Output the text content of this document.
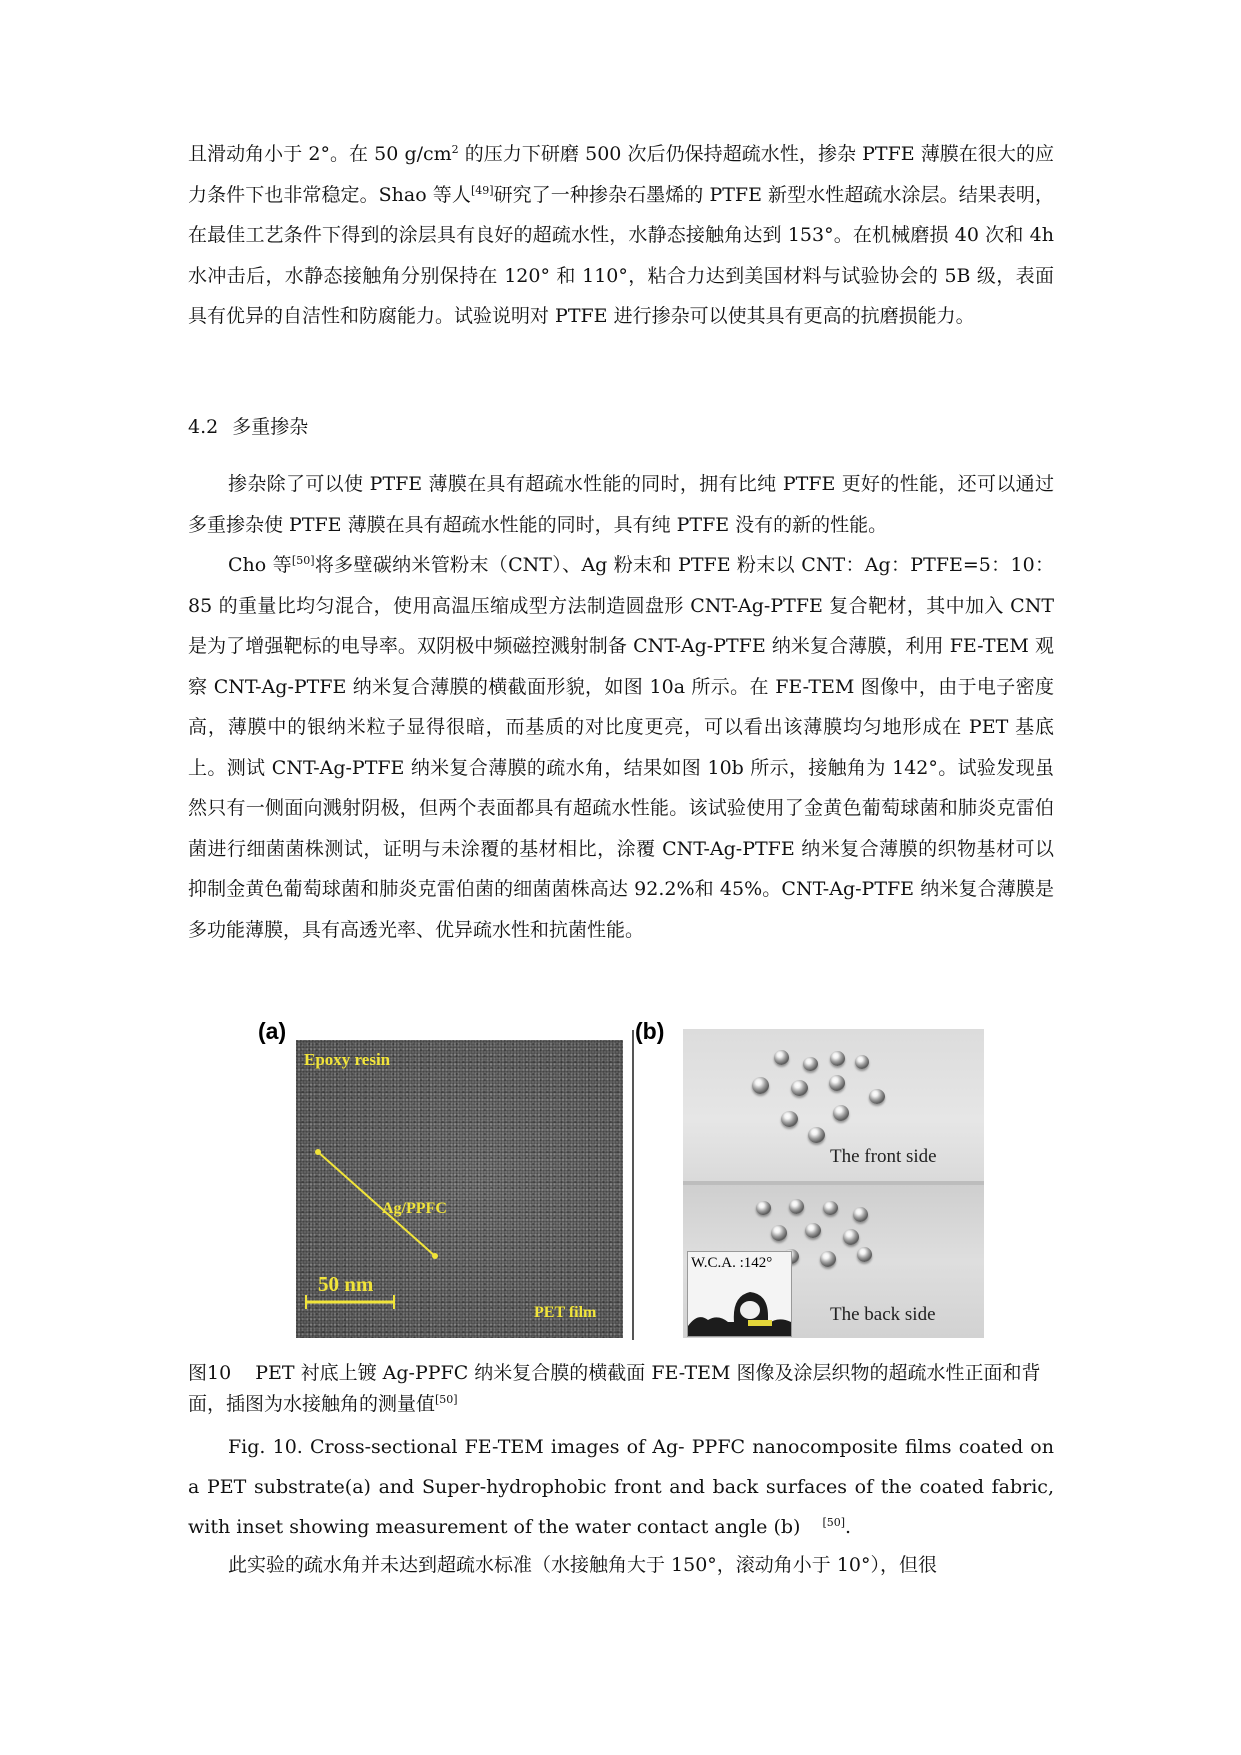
且滑动角小于 2°。在 50 $g/cm^2$ 的压力下研磨 500 次后仍保持超疏水性，掺杂 PTFE 薄膜在很大的应力条件下也非常稳定。Shao 等人[49]研究了一种掺杂石墨烯的 PTFE 新型水性超疏水涂层。结果表明，在最佳工艺条件下得到的涂层具有良好的超疏水性，水静态接触角达到 153°。在机械磨损 40 次和 4h 水冲击后，水静态接触角分别保持在 120° 和 110°，粘合力达到美国材料与试验协会的 5B 级，表面具有优异的自洁性和防腐能力。试验说明对 PTFE 进行掺杂可以使其具有更高的抗磨损能力。

4.2 多重掺杂

掺杂除了可以使 PTFE 薄膜在具有超疏水性能的同时，拥有比纯 PTFE 更好的性能，还可以通过多重掺杂使 PTFE 薄膜在具有超疏水性能的同时，具有纯 PTFE 没有的新的性能。

Cho 等[50]将多壁碳纳米管粉末（CNT）、Ag 粉末和 PTFE 粉末以 CNT：Ag：PTFE=5：10：85 的重量比均匀混合，使用高温压缩成型方法制造圆盘形 CNT-Ag-PTFE 复合靶材，其中加入 CNT 是为了增强靶标的电导率。双阴极中频磁控溅射制备 CNT-Ag-PTFE 纳米复合薄膜，利用 FE-TEM 观察 CNT-Ag-PTFE 纳米复合薄膜的横截面形貌，如图 10a 所示。在 FE-TEM 图像中，由于电子密度高，薄膜中的银纳米粒子显得很暗，而基质的对比度更亮，可以看出该薄膜均匀地形成在 PET 基底上。测试 CNT-Ag-PTFE 纳米复合薄膜的疏水角，结果如图 10b 所示，接触角为 142°。试验发现虽然只有一侧面向溅射阴极，但两个表面都具有超疏水性能。该试验使用了金黄色葡萄球菌和肺炎克雷伯菌进行细菌菌株测试，证明与未涂覆的基材相比，涂覆 CNT-Ag-PTFE 纳米复合薄膜的织物基材可以抑制金黄色葡萄球菌和肺炎克雷伯菌的细菌菌株高达 92.2%和 45%。CNT-Ag-PTFE 纳米复合薄膜是多功能薄膜，具有高透光率、优异疏水性和抗菌性能。

(a)
Epoxy resin
Ag/PPFC
50 nm
PET film
(b)
The front side
The back side
W.C.A. :142°

图10 PET 衬底上镀 Ag-PPFC 纳米复合膜的横截面 FE-TEM 图像及涂层织物的超疏水性正面和背面，插图为水接触角的测量值[50]

Fig. 10. Cross-sectional FE-TEM images of Ag- PPFC nanocomposite films coated on a PET substrate(a) and Super-hydrophobic front and back surfaces of the coated fabric, with inset showing measurement of the water contact angle (b) [50].

此实验的疏水角并未达到超疏水标准（水接触角大于 150°，滚动角小于 10°），但很
